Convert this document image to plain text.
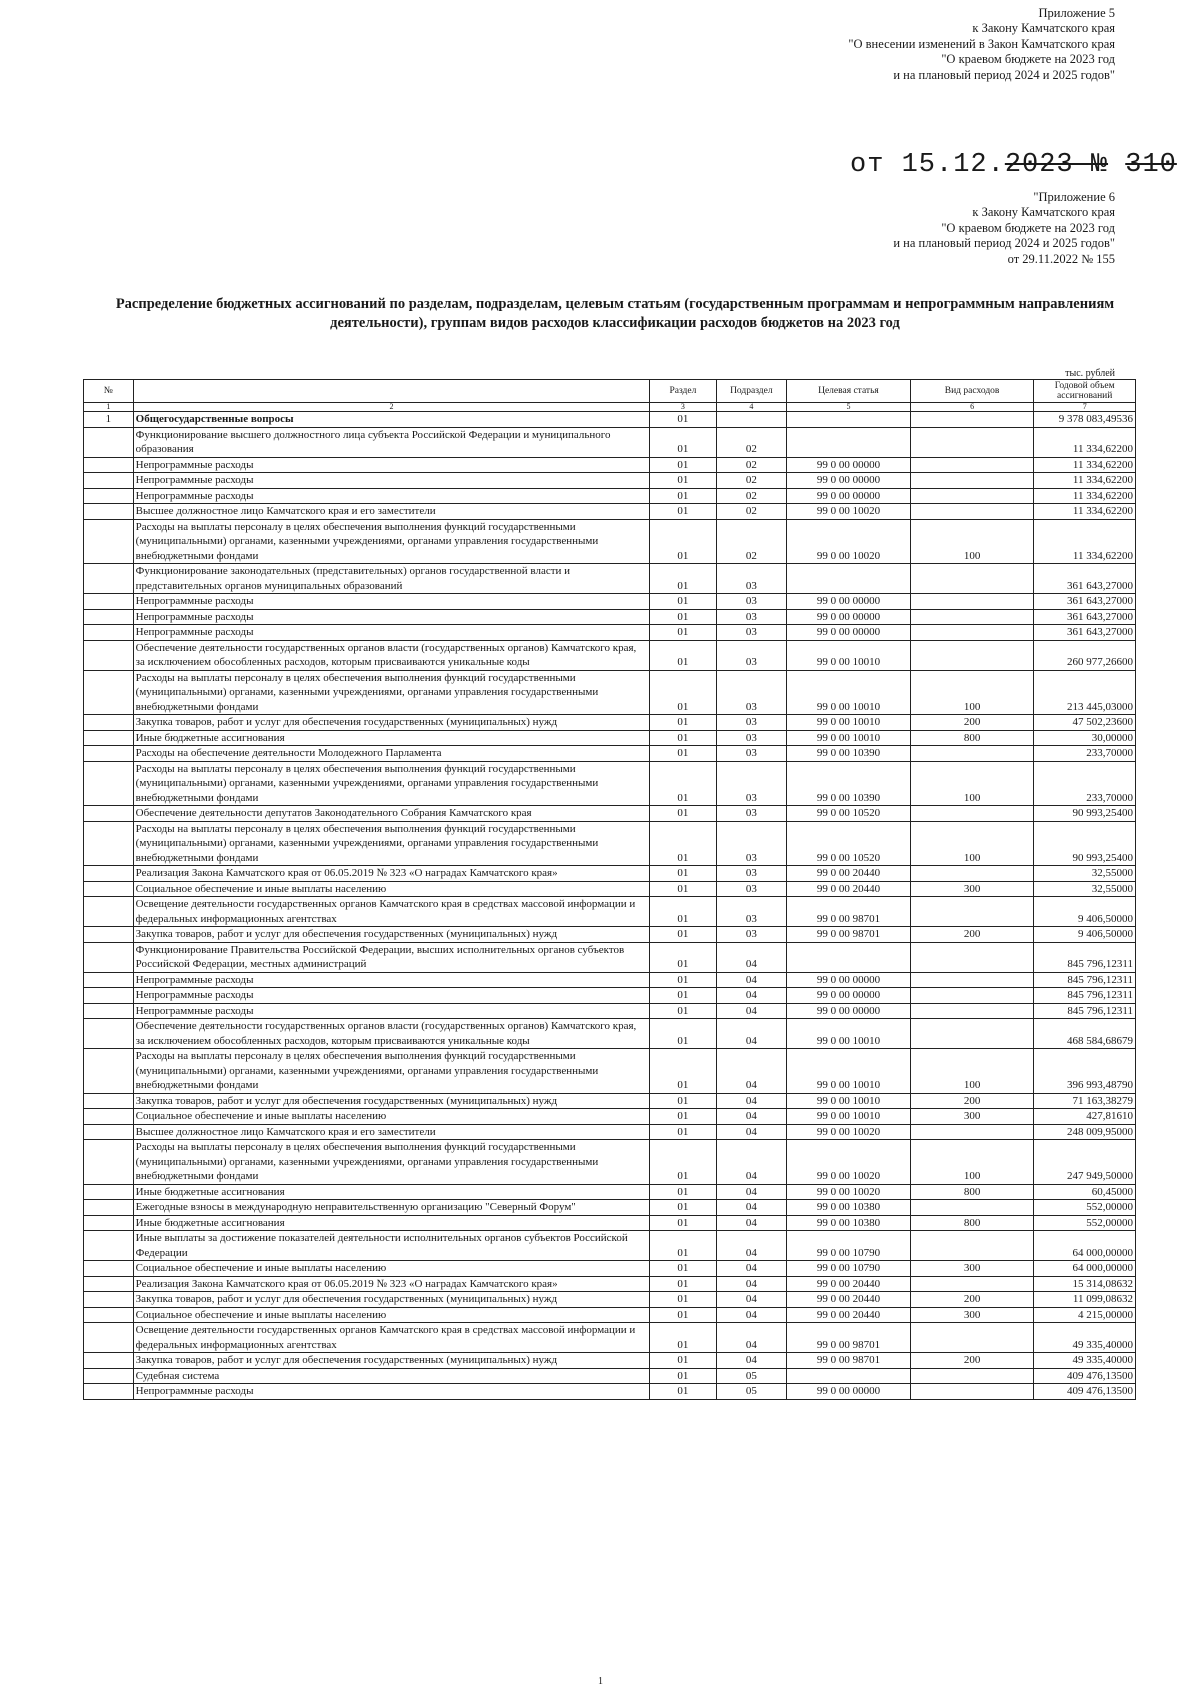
Приложение 5
к Закону Камчатского края
"О внесении изменений в Закон Камчатского края
"О краевом бюджете на 2023 год
и на плановый период 2024 и 2025 годов"
от 15.12.2023 № 310
"Приложение 6
к Закону Камчатского края
"О краевом бюджете на 2023 год
и на плановый период 2024 и 2025 годов"
от 29.11.2022 № 155
Распределение бюджетных ассигнований по разделам, подразделам, целевым статьям (государственным программам и непрограммным направлениям деятельности), группам видов расходов классификации расходов бюджетов на 2023 год
тыс. рублей
№		Раздел	Подраздел	Целевая статья	Вид расходов	Годовой объем ассигнований
1	2	3	4	5	6	7
1	Общегосударственные вопросы	01				9 378 083,49536
	Функционирование высшего должностного лица субъекта Российской Федерации и муниципального образования	01	02			11 334,62200
	Непрограммные расходы	01	02	99 0 00 00000		11 334,62200
	Непрограммные расходы	01	02	99 0 00 00000		11 334,62200
	Непрограммные расходы	01	02	99 0 00 00000		11 334,62200
	Высшее должностное лицо Камчатского края и его заместители	01	02	99 0 00 10020		11 334,62200
	Расходы на выплаты персоналу в целях обеспечения выполнения функций государственными (муниципальными) органами, казенными учреждениями, органами управления государственными внебюджетными фондами	01	02	99 0 00 10020	100	11 334,62200
	Функционирование законодательных (представительных) органов государственной власти и представительных органов муниципальных образований	01	03			361 643,27000
	Непрограммные расходы	01	03	99 0 00 00000		361 643,27000
	Непрограммные расходы	01	03	99 0 00 00000		361 643,27000
	Непрограммные расходы	01	03	99 0 00 00000		361 643,27000
	Обеспечение деятельности государственных органов власти (государственных органов) Камчатского края, за исключением обособленных расходов, которым присваиваются уникальные коды	01	03	99 0 00 10010		260 977,26600
	Расходы на выплаты персоналу в целях обеспечения выполнения функций государственными (муниципальными) органами, казенными учреждениями, органами управления государственными внебюджетными фондами	01	03	99 0 00 10010	100	213 445,03000
	Закупка товаров, работ и услуг для обеспечения государственных (муниципальных) нужд	01	03	99 0 00 10010	200	47 502,23600
	Иные бюджетные ассигнования	01	03	99 0 00 10010	800	30,00000
	Расходы на обеспечение деятельности Молодежного Парламента	01	03	99 0 00 10390		233,70000
	Расходы на выплаты персоналу в целях обеспечения выполнения функций государственными (муниципальными) органами, казенными учреждениями, органами управления государственными внебюджетными фондами	01	03	99 0 00 10390	100	233,70000
	Обеспечение деятельности депутатов Законодательного Собрания Камчатского края	01	03	99 0 00 10520		90 993,25400
	Расходы на выплаты персоналу в целях обеспечения выполнения функций государственными (муниципальными) органами, казенными учреждениями, органами управления государственными внебюджетными фондами	01	03	99 0 00 10520	100	90 993,25400
	Реализация Закона Камчатского края от 06.05.2019 № 323 «О наградах Камчатского края»	01	03	99 0 00 20440		32,55000
	Социальное обеспечение и иные выплаты населению	01	03	99 0 00 20440	300	32,55000
	Освещение деятельности государственных органов Камчатского края в средствах массовой информации и федеральных информационных агентствах	01	03	99 0 00 98701		9 406,50000
	Закупка товаров, работ и услуг для обеспечения государственных (муниципальных) нужд	01	03	99 0 00 98701	200	9 406,50000
	Функционирование Правительства Российской Федерации, высших исполнительных органов субъектов Российской Федерации, местных администраций	01	04			845 796,12311
	Непрограммные расходы	01	04	99 0 00 00000		845 796,12311
	Непрограммные расходы	01	04	99 0 00 00000		845 796,12311
	Непрограммные расходы	01	04	99 0 00 00000		845 796,12311
	Обеспечение деятельности государственных органов власти (государственных органов) Камчатского края, за исключением обособленных расходов, которым присваиваются уникальные коды	01	04	99 0 00 10010		468 584,68679
	Расходы на выплаты персоналу в целях обеспечения выполнения функций государственными (муниципальными) органами, казенными учреждениями, органами управления государственными внебюджетными фондами	01	04	99 0 00 10010	100	396 993,48790
	Закупка товаров, работ и услуг для обеспечения государственных (муниципальных) нужд	01	04	99 0 00 10010	200	71 163,38279
	Социальное обеспечение и иные выплаты населению	01	04	99 0 00 10010	300	427,81610
	Высшее должностное лицо Камчатского края и его заместители	01	04	99 0 00 10020		248 009,95000
	Расходы на выплаты персоналу в целях обеспечения выполнения функций государственными (муниципальными) органами, казенными учреждениями, органами управления государственными внебюджетными фондами	01	04	99 0 00 10020	100	247 949,50000
	Иные бюджетные ассигнования	01	04	99 0 00 10020	800	60,45000
	Ежегодные взносы в международную неправительственную организацию "Северный Форум"	01	04	99 0 00 10380		552,00000
	Иные бюджетные ассигнования	01	04	99 0 00 10380	800	552,00000
	Иные выплаты за достижение показателей деятельности исполнительных органов субъектов Российской Федерации	01	04	99 0 00 10790		64 000,00000
	Социальное обеспечение и иные выплаты населению	01	04	99 0 00 10790	300	64 000,00000
	Реализация Закона Камчатского края от 06.05.2019 № 323 «О наградах Камчатского края»	01	04	99 0 00 20440		15 314,08632
	Закупка товаров, работ и услуг для обеспечения государственных (муниципальных) нужд	01	04	99 0 00 20440	200	11 099,08632
	Социальное обеспечение и иные выплаты населению	01	04	99 0 00 20440	300	4 215,00000
	Освещение деятельности государственных органов Камчатского края в средствах массовой информации и федеральных информационных агентствах	01	04	99 0 00 98701		49 335,40000
	Закупка товаров, работ и услуг для обеспечения государственных (муниципальных) нужд	01	04	99 0 00 98701	200	49 335,40000
	Судебная система	01	05			409 476,13500
	Непрограммные расходы	01	05	99 0 00 00000		409 476,13500
1
